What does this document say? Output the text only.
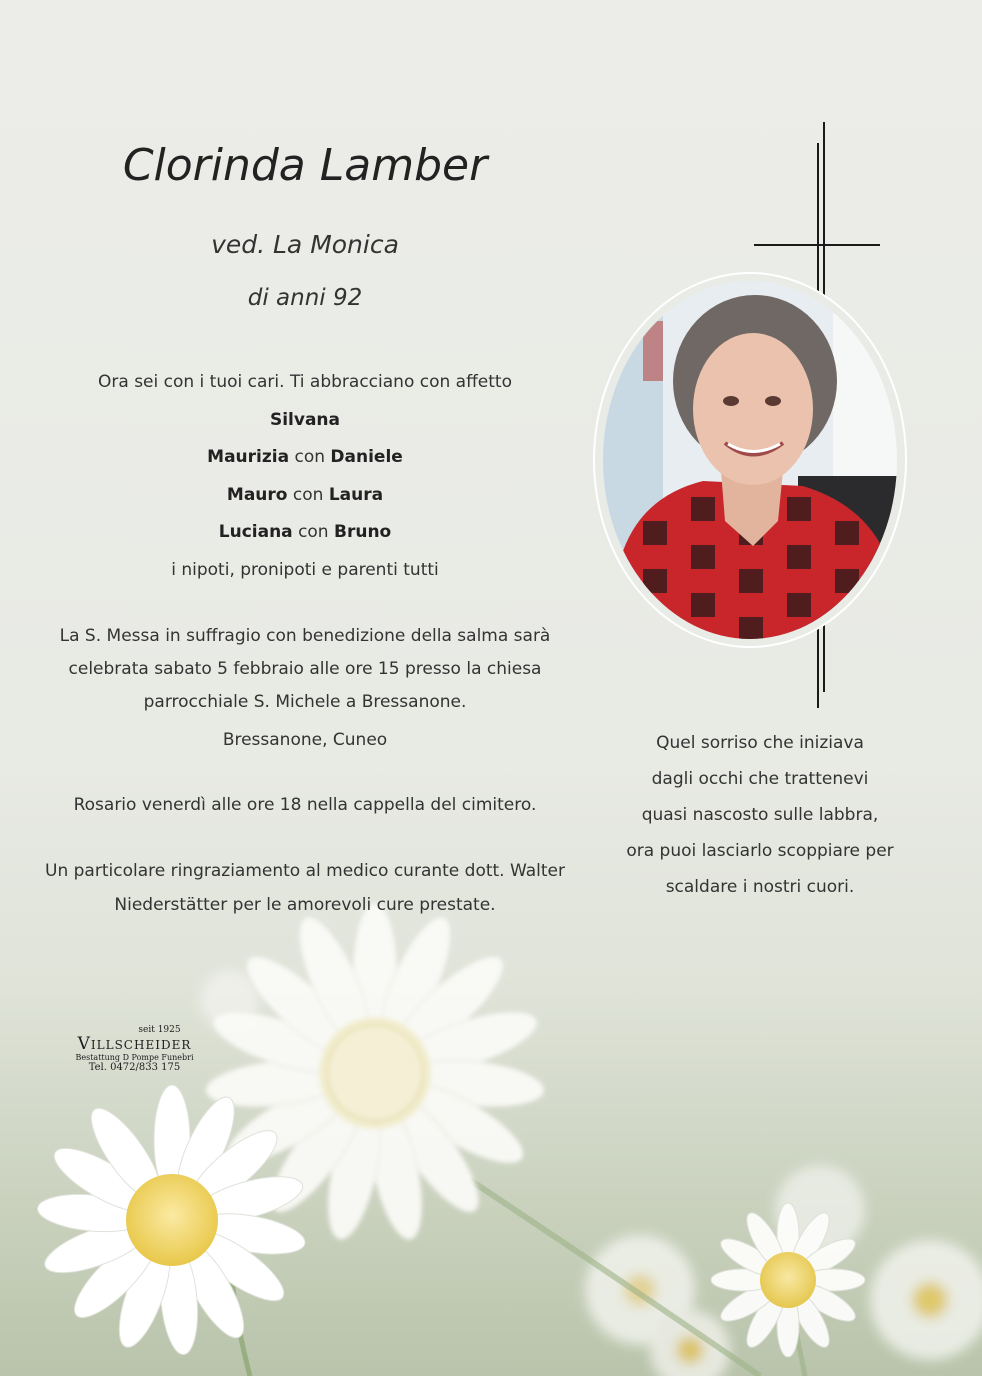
Clorinda Lamber
ved. La Monica
di anni 92
Ora sei con i tuoi cari. Ti abbracciano con affetto
Silvana
Maurizia con Daniele
Mauro con Laura
Luciana con Bruno
i nipoti, pronipoti e parenti tutti
La S. Messa in suffragio con benedizione della salma sarà
celebrata sabato 5 febbraio alle ore 15 presso la chiesa
parrocchiale S. Michele a Bressanone.
Bressanone, Cuneo
Rosario venerdì alle ore 18 nella cappella del cimitero.
Un particolare ringraziamento al medico curante dott. Walter
Niederstätter per le amorevoli cure prestate.
Quel sorriso che iniziava
dagli occhi che trattenevi
quasi nascosto sulle labbra,
ora puoi lasciarlo scoppiare per
scaldare i nostri cuori.
seit 1925
Villscheider
Bestattung D Pompe Funebri
Tel. 0472/833 175
